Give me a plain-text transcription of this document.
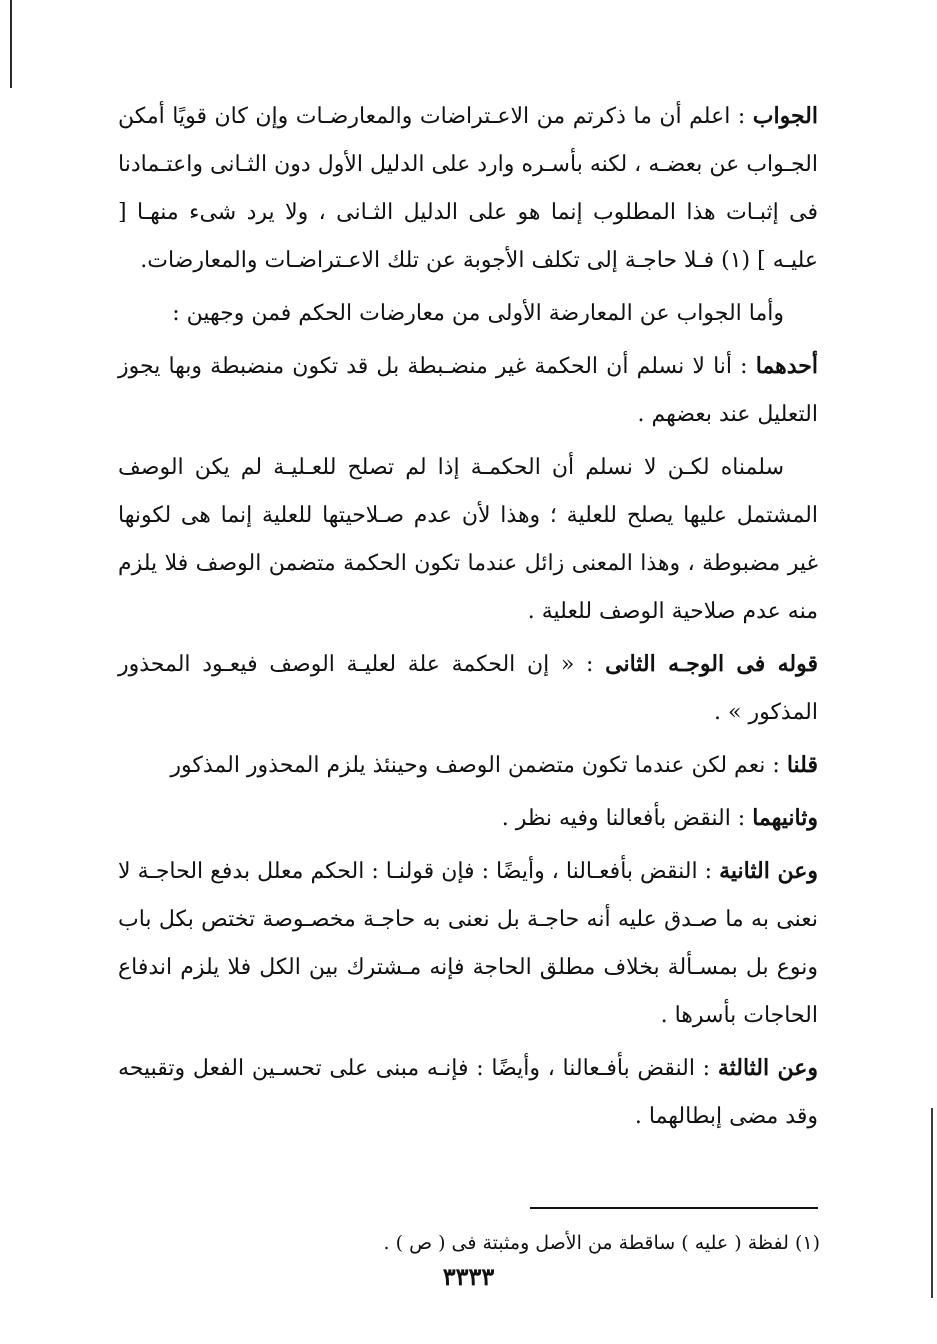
الجواب : اعلم أن ما ذكرتم من الاعـتراضات والمعارضـات وإن كان قويًا أمكن الجـواب عن بعضـه ، لكنه بأسـره وارد على الدليل الأول دون الثـانى واعتـمادنا فى إثبـات هذا المطلوب إنما هو على الدليل الثـانى ، ولا يرد شىء منهـا [ عليـه ] (١) فـلا حاجـة إلى تكلف الأجوبة عن تلك الاعـتراضـات والمعارضات.

وأما الجواب عن المعارضة الأولى من معارضات الحكم فمن وجهين :

أحدهما : أنا لا نسلم أن الحكمة غير منضـبطة بل قد تكون منضبطة وبها يجوز التعليل عند بعضهم .

سلمناه لكـن لا نسلم أن الحكمـة إذا لم تصلح للعـليـة لم يكن الوصف المشتمل عليها يصلح للعلية ؛ وهذا لأن عدم صـلاحيتها للعلية إنما هى لكونها غير مضبوطة ، وهذا المعنى زائل عندما تكون الحكمة متضمن الوصف فلا يلزم منه عدم صلاحية الوصف للعلية .

قوله فى الوجـه الثانى : « إن الحكمة علة لعليـة الوصف فيعـود المحذور المذكور » .

قلنا : نعم لكن عندما تكون متضمن الوصف وحينئذ يلزم المحذور المذكور

وثانيهما : النقض بأفعالنا وفيه نظر .

وعن الثانية : النقض بأفعـالنا ، وأيضًا : فإن قولنـا : الحكم معلل بدفع الحاجـة لا نعنى به ما صـدق عليه أنه حاجـة بل نعنى به حاجـة مخصـوصة تختص بكل باب ونوع بل بمسـألة بخلاف مطلق الحاجة فإنه مـشترك بين الكل فلا يلزم اندفاع الحاجات بأسرها .

وعن الثالثة : النقض بأفـعالنا ، وأيضًا : فإنـه مبنى على تحسـين الفعل وتقبيحه وقد مضى إبطالهما .

(١) لفظة ( عليه ) ساقطة من الأصل ومثبتة فى ( ص ) .
٣٣٣٣
